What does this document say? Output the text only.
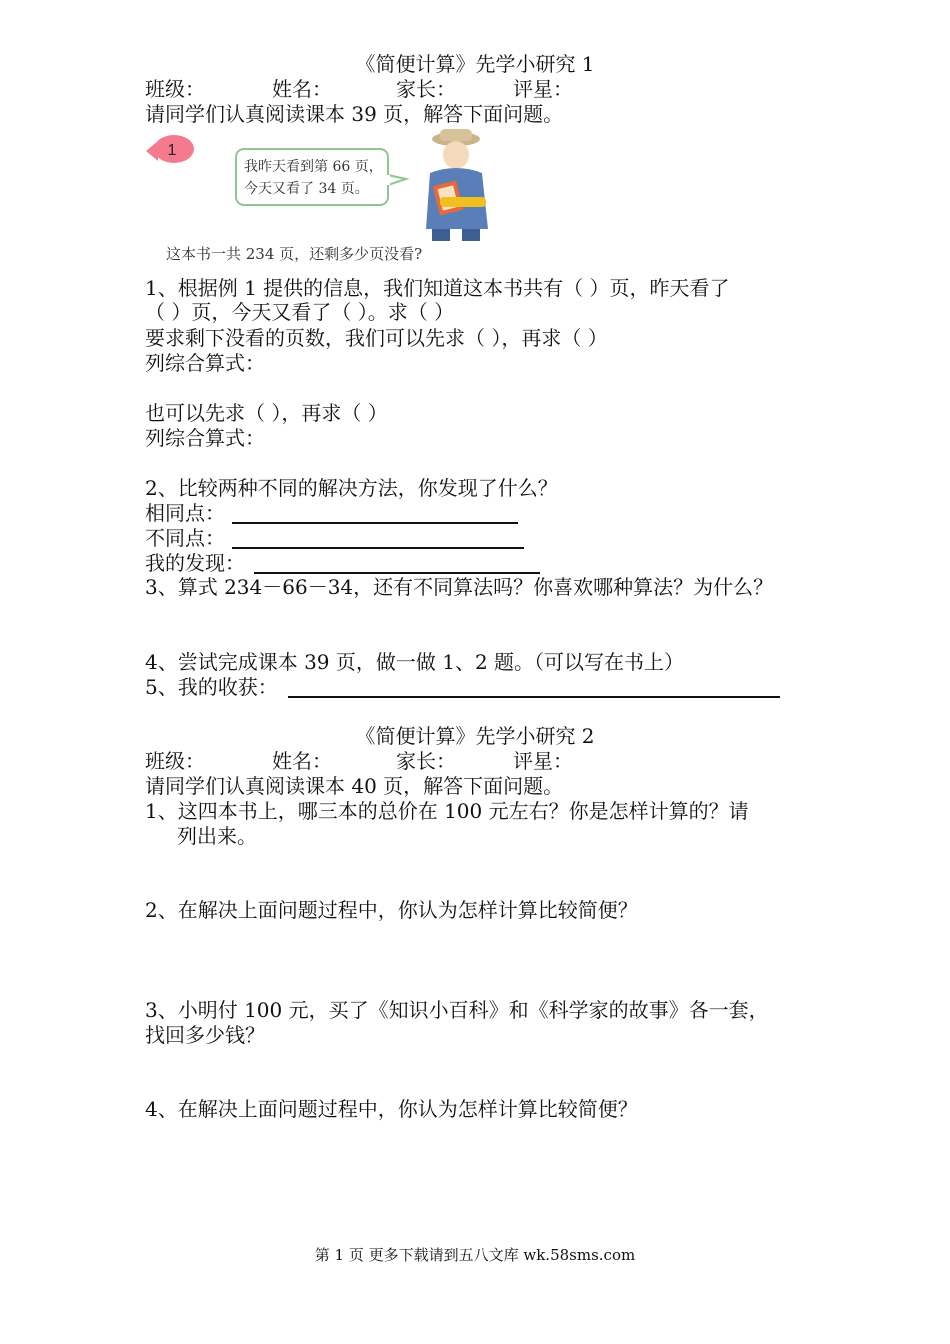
《简便计算》先学小研究 1
班级：	姓名：	家长：	评星：
请同学们认真阅读课本 39 页，解答下面问题。
1
我昨天看到第 66 页，
今天又看了 34 页。
这本书一共 234 页，还剩多少页没看?
1、根据例 1 提供的信息，我们知道这本书共有（ ）页，昨天看了
（ ）页，今天又看了（ ）。求（ ）
要求剩下没看的页数，我们可以先求（ ），再求（ ）
列综合算式：
也可以先求（ ），再求（ ）
列综合算式：
2、比较两种不同的解决方法，你发现了什么？
相同点：
不同点：
我的发现：
3、算式 234－66－34，还有不同算法吗？你喜欢哪种算法？为什么？
4、尝试完成课本 39 页，做一做 1、2 题。（可以写在书上）
5、我的收获：
《简便计算》先学小研究 2
班级：	姓名：	家长：	评星：
请同学们认真阅读课本 40 页，解答下面问题。
1、这四本书上，哪三本的总价在 100 元左右？你是怎样计算的？请
列出来。
2、在解决上面问题过程中，你认为怎样计算比较简便？
3、小明付 100 元，买了《知识小百科》和《科学家的故事》各一套，
找回多少钱？
4、在解决上面问题过程中，你认为怎样计算比较简便？
第 1 页 更多下载请到五八文库 wk.58sms.com
